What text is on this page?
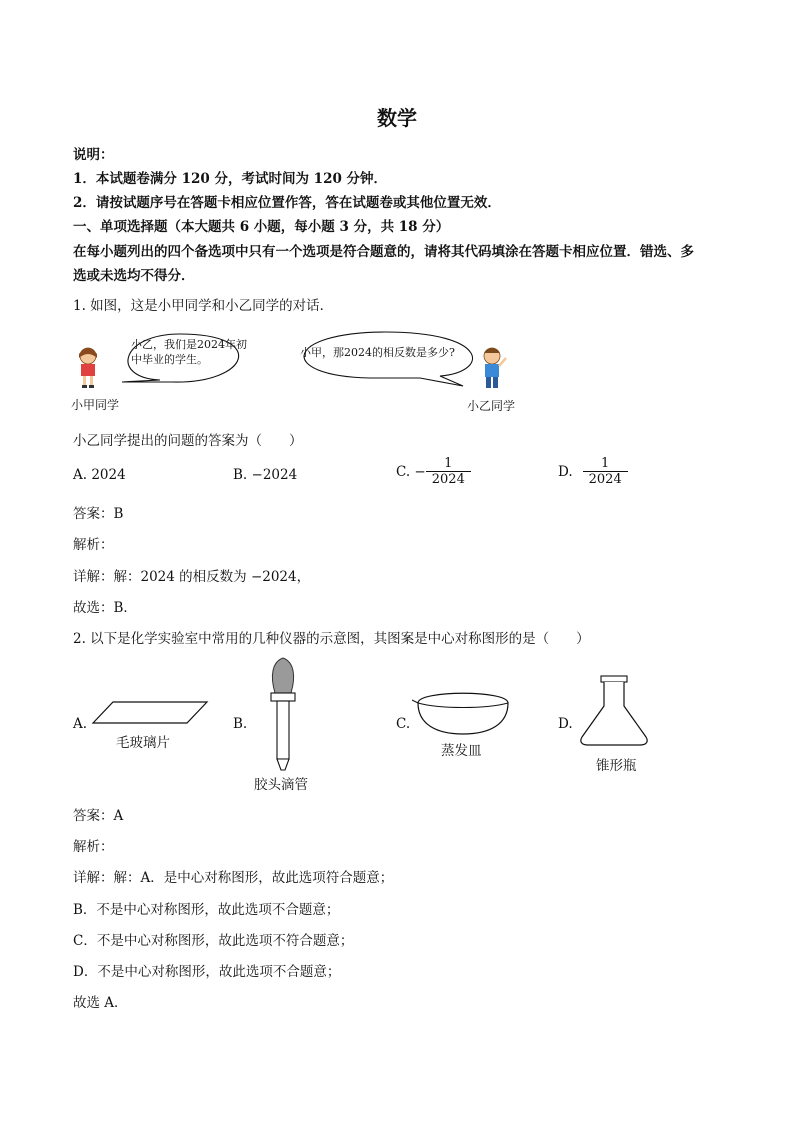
数学
说明：
1．本试题卷满分 120 分，考试时间为 120 分钟．
2．请按试题序号在答题卡相应位置作答，答在试题卷或其他位置无效．
一、单项选择题（本大题共 6 小题，每小题 3 分，共 18 分）
在每小题列出的四个备选项中只有一个选项是符合题意的，请将其代码填涂在答题卡相应位置．错选、多
选或未选均不得分．
1. 如图，这是小甲同学和小乙同学的对话．
小乙，我们是2024年初
中毕业的学生。
小甲，那2024的相反数是多少?
小甲同学	小乙同学
小乙同学提出的问题的答案为（　　）
A. 2024	B. −2024	C. − $\frac{1}{2024}$	D. $\frac{1}{2024}$
答案：B
解析：
详解：解：2024 的相反数为 −2024，
故选：B．
2. 以下是化学实验室中常用的几种仪器的示意图，其图案是中心对称图形的是（　　）
A.	B.	C.	D.
毛玻璃片
胶头滴管
蒸发皿
锥形瓶
答案：A
解析：
详解：解：A．是中心对称图形，故此选项符合题意；
B．不是中心对称图形，故此选项不合题意；
C．不是中心对称图形，故此选项不符合题意；
D．不是中心对称图形，故此选项不合题意；
故选 A．
